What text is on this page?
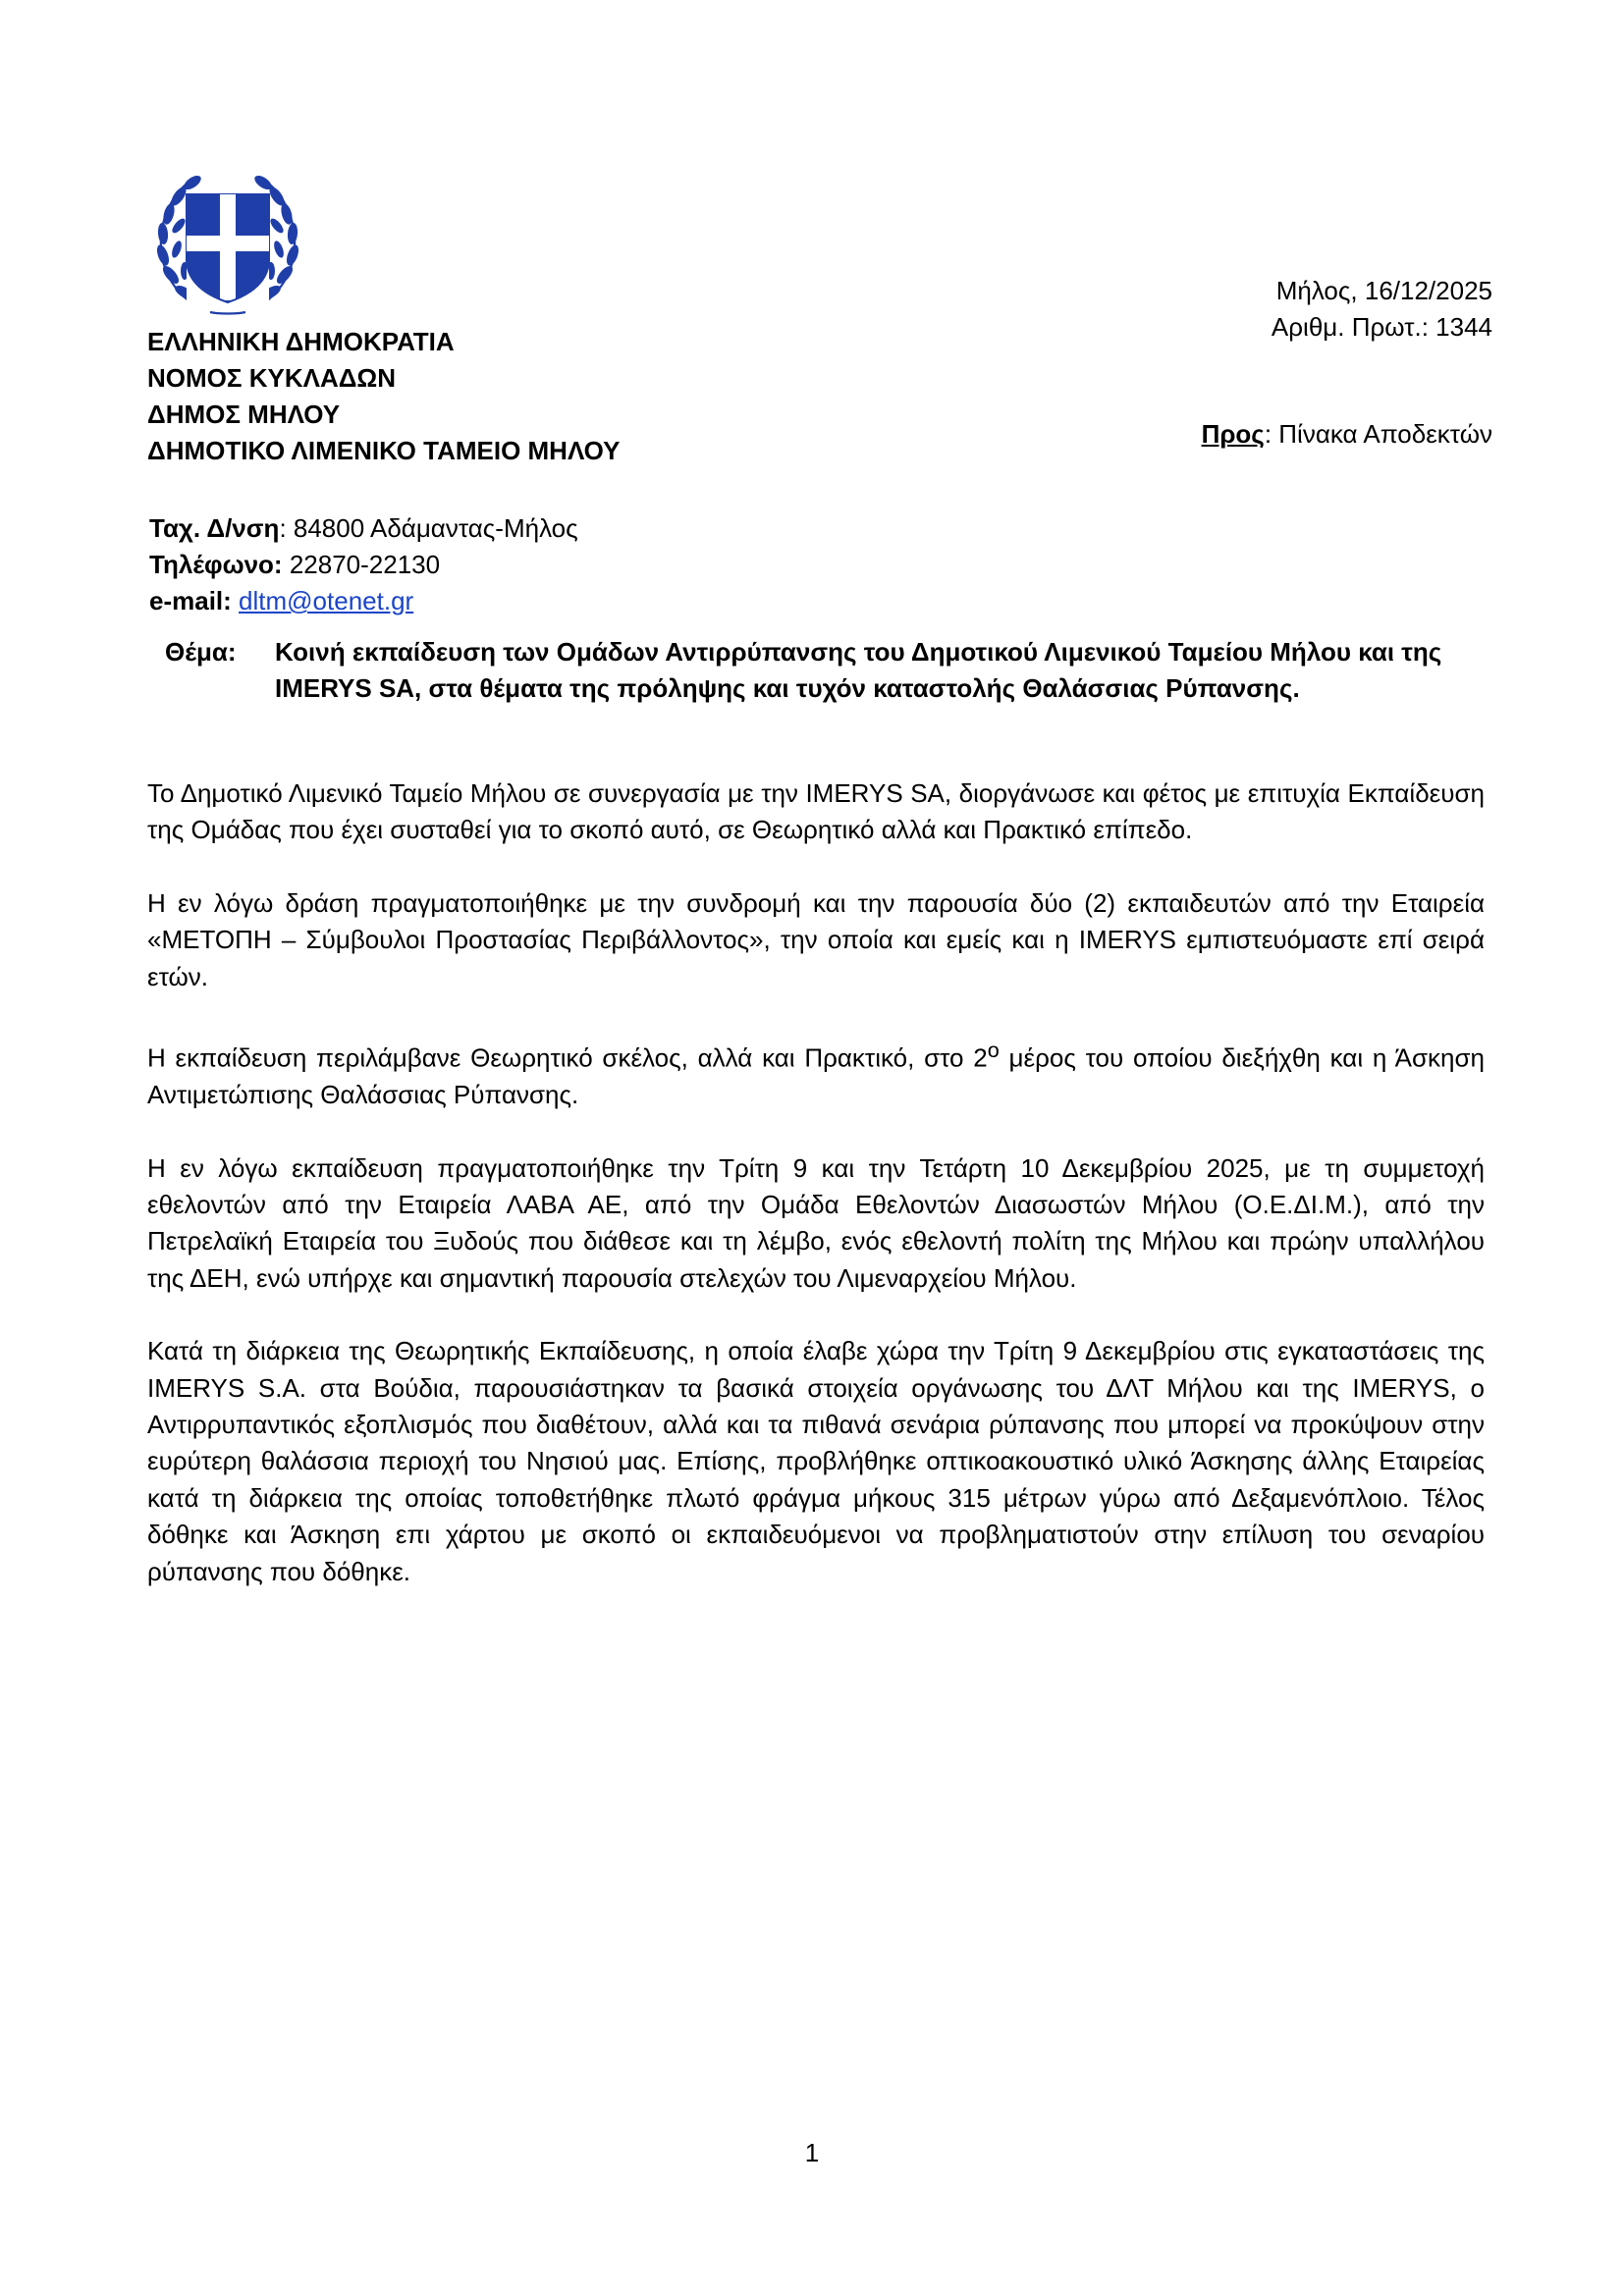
ΕΛΛΗΝΙΚΗ ΔΗΜΟΚΡΑΤΙΑ
ΝΟΜΟΣ ΚΥΚΛΑΔΩΝ
ΔΗΜΟΣ ΜΗΛΟΥ
ΔΗΜΟΤΙΚΟ ΛΙΜΕΝΙΚΟ ΤΑΜΕΙΟ ΜΗΛΟΥ
Μήλος, 16/12/2025
Αριθμ. Πρωτ.: 1344
Προς: Πίνακα Αποδεκτών
Ταχ. Δ/νση: 84800 Αδάμαντας-Μήλος
Τηλέφωνο: 22870-22130
e-mail: dltm@otenet.gr
Θέμα: Κοινή εκπαίδευση των Ομάδων Αντιρρύπανσης του Δημοτικού Λιμενικού Ταμείου Μήλου και της IMERYS SA, στα θέματα της πρόληψης και τυχόν καταστολής Θαλάσσιας Ρύπανσης.

Το Δημοτικό Λιμενικό Ταμείο Μήλου σε συνεργασία με την IMERYS SA, διοργάνωσε και φέτος με επιτυχία Εκπαίδευση της Ομάδας που έχει συσταθεί για το σκοπό αυτό, σε Θεωρητικό αλλά και Πρακτικό επίπεδο.

Η εν λόγω δράση πραγματοποιήθηκε με την συνδρομή και την παρουσία δύο (2) εκπαιδευτών από την Εταιρεία «ΜΕΤΟΠΗ – Σύμβουλοι Προστασίας Περιβάλλοντος», την οποία και εμείς και η IMERYS εμπιστευόμαστε επί σειρά ετών.

Η εκπαίδευση περιλάμβανε Θεωρητικό σκέλος, αλλά και Πρακτικό, στο $2^o$ μέρος του οποίου διεξήχθη και η Άσκηση Αντιμετώπισης Θαλάσσιας Ρύπανσης.

Η εν λόγω εκπαίδευση πραγματοποιήθηκε την Τρίτη 9 και την Τετάρτη 10 Δεκεμβρίου 2025, με τη συμμετοχή εθελοντών από την Εταιρεία ΛΑΒΑ ΑΕ, από την Ομάδα Εθελοντών Διασωστών Μήλου (Ο.Ε.ΔΙ.Μ.), από την Πετρελαϊκή Εταιρεία του Ξυδούς που διάθεσε και τη λέμβο, ενός εθελοντή πολίτη της Μήλου και πρώην υπαλλήλου της ΔΕΗ, ενώ υπήρχε και σημαντική παρουσία στελεχών του Λιμεναρχείου Μήλου.

Κατά τη διάρκεια της Θεωρητικής Εκπαίδευσης, η οποία έλαβε χώρα την Τρίτη 9 Δεκεμβρίου στις εγκαταστάσεις της IMERYS S.A. στα Βούδια, παρουσιάστηκαν τα βασικά στοιχεία οργάνωσης του ΔΛΤ Μήλου και της IMERYS, ο Αντιρρυπαντικός εξοπλισμός που διαθέτουν, αλλά και τα πιθανά σενάρια ρύπανσης που μπορεί να προκύψουν στην ευρύτερη θαλάσσια περιοχή του Νησιού μας. Επίσης, προβλήθηκε οπτικοακουστικό υλικό Άσκησης άλλης Εταιρείας κατά τη διάρκεια της οποίας τοποθετήθηκε πλωτό φράγμα μήκους 315 μέτρων γύρω από Δεξαμενόπλοιο. Τέλος δόθηκε και Άσκηση επι χάρτου με σκοπό οι εκπαιδευόμενοι να προβληματιστούν στην επίλυση του σεναρίου ρύπανσης που δόθηκε.

1
